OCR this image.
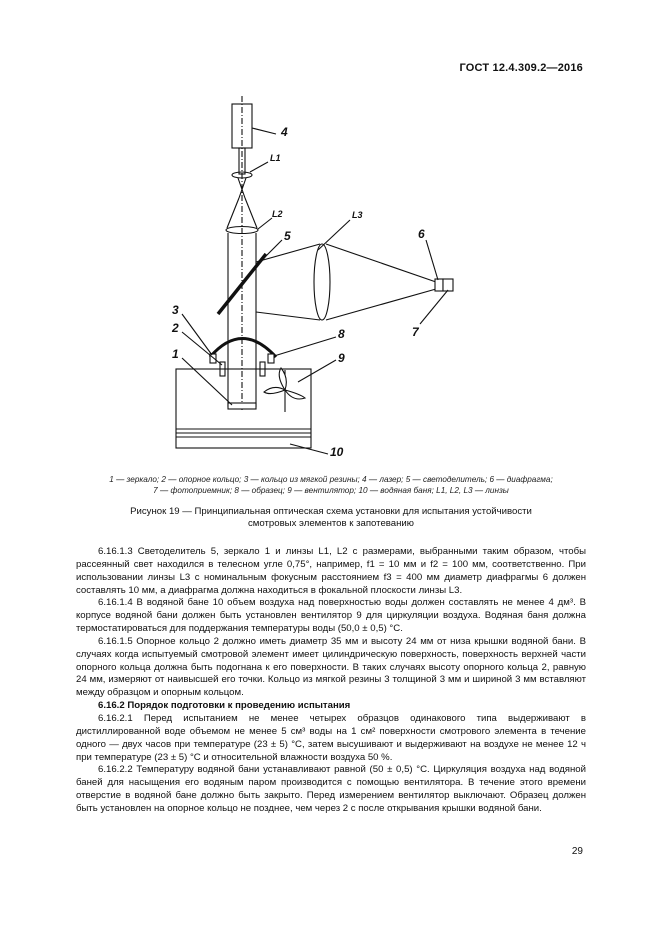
ГОСТ 12.4.309.2—2016
4
L1
L2	L3
5	6
7
3
2	8
1	9
10
1 — зеркало; 2 — опорное кольцо; 3 — кольцо из мягкой резины; 4 — лазер; 5 — светоделитель; 6 — диафрагма;
7 — фотоприемник; 8 — образец; 9 — вентилятор; 10 — водяная баня; L1, L2, L3 — линзы
Рисунок 19 — Принципиальная оптическая схема установки для испытания устойчивости
смотровых элементов к запотеванию

6.16.1.3 Светоделитель 5, зеркало 1 и линзы L1, L2 с размерами, выбранными таким образом, чтобы рассеянный свет находился в телесном угле 0,75°, например, f1 = 10 мм и f2 = 100 мм, соответственно. При использовании линзы L3 с номинальным фокусным расстоянием f3 = 400 мм диаметр диафрагмы 6 должен составлять 10 мм, а диафрагма должна находиться в фокальной плоскости линзы L3.

6.16.1.4 В водяной бане 10 объем воздуха над поверхностью воды должен составлять не менее 4 дм³. В корпусе водяной бани должен быть установлен вентилятор 9 для циркуляции воздуха. Водяная баня должна термостатироваться для поддержания температуры воды (50,0 ± 0,5) °С.

6.16.1.5 Опорное кольцо 2 должно иметь диаметр 35 мм и высоту 24 мм от низа крышки водяной бани. В случаях когда испытуемый смотровой элемент имеет цилиндрическую поверхность, поверхность верхней части опорного кольца должна быть подогнана к его поверхности. В таких случаях высоту опорного кольца 2, равную 24 мм, измеряют от наивысшей его точки. Кольцо из мягкой резины 3 толщиной 3 мм и шириной 3 мм вставляют между образцом и опорным кольцом.

6.16.2 Порядок подготовки к проведению испытания

6.16.2.1 Перед испытанием не менее четырех образцов одинакового типа выдерживают в дистиллированной воде объемом не менее 5 см³ воды на 1 см² поверхности смотрового элемента в течение одного — двух часов при температуре (23 ± 5) °С, затем высушивают и выдерживают на воздухе не менее 12 ч при температуре (23 ± 5) °С и относительной влажности воздуха 50 %.

6.16.2.2 Температуру водяной бани устанавливают равной (50 ± 0,5) °С. Циркуляция воздуха над водяной баней для насыщения его водяным паром производится с помощью вентилятора. В течение этого времени отверстие в водяной бане должно быть закрыто. Перед измерением вентилятор выключают. Образец должен быть установлен на опорное кольцо не позднее, чем через 2 с после открывания крышки водяной бани.

29
